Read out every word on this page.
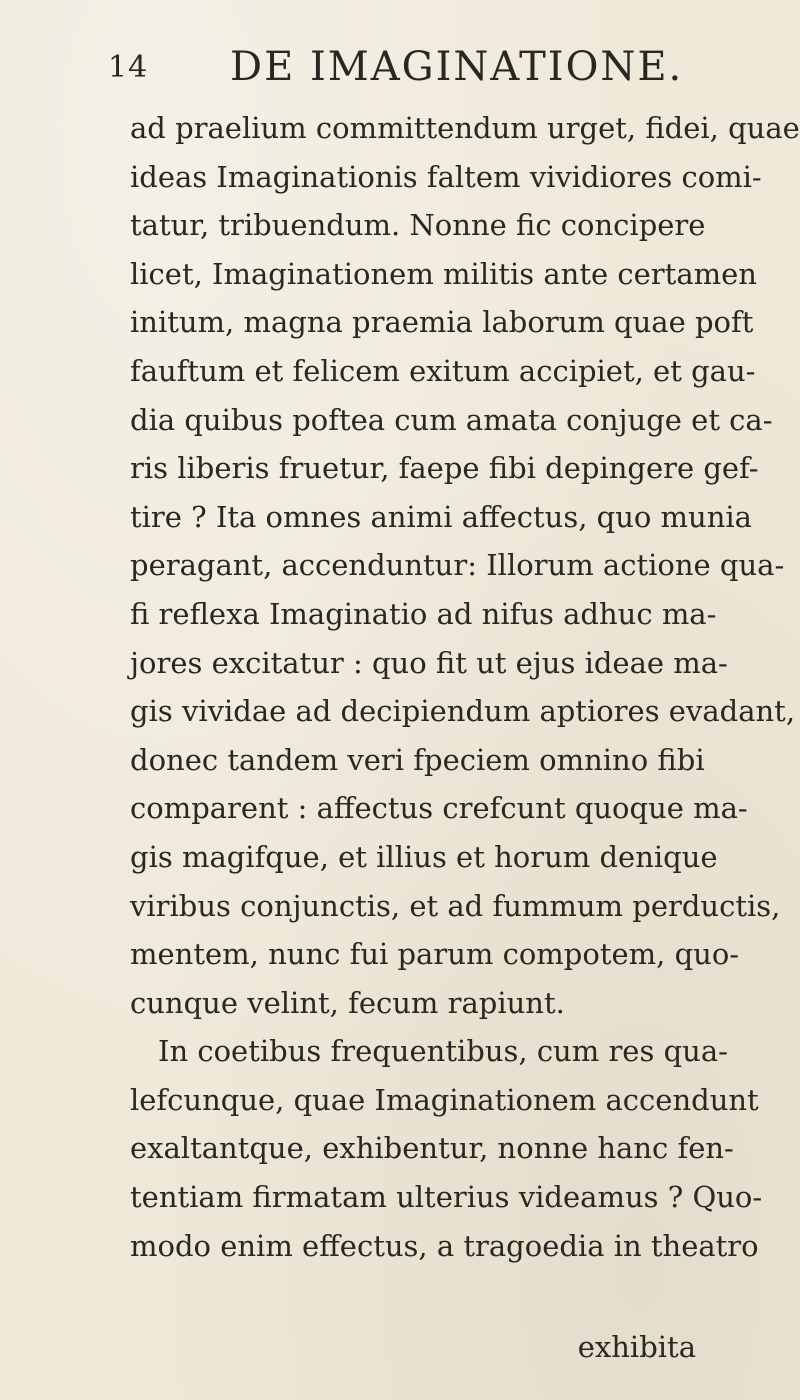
14 DE IMAGINATIONE.
ad praelium committendum urget, fidei, quae
ideas Imaginationis faltem vividiores comi-
tatur, tribuendum. Nonne fic concipere
licet, Imaginationem militis ante certamen
initum, magna praemia laborum quae poft
fauftum et felicem exitum accipiet, et gau-
dia quibus poftea cum amata conjuge et ca-
ris liberis fruetur, faepe fibi depingere gef-
tire ? Ita omnes animi affectus, quo munia
peragant, accenduntur: Illorum actione qua-
fi reflexa Imaginatio ad nifus adhuc ma-
jores excitatur : quo fit ut ejus ideae ma-
gis vividae ad decipiendum aptiores evadant,
donec tandem veri fpeciem omnino fibi
comparent : affectus crefcunt quoque ma-
gis magifque, et illius et horum denique
viribus conjunctis, et ad fummum perductis,
mentem, nunc fui parum compotem, quo-
cunque velint, fecum rapiunt.
In coetibus frequentibus, cum res qua-
lefcunque, quae Imaginationem accendunt
exaltantque, exhibentur, nonne hanc fen-
tentiam firmatam ulterius videamus ? Quo-
modo enim effectus, a tragoedia in theatro
exhibita
